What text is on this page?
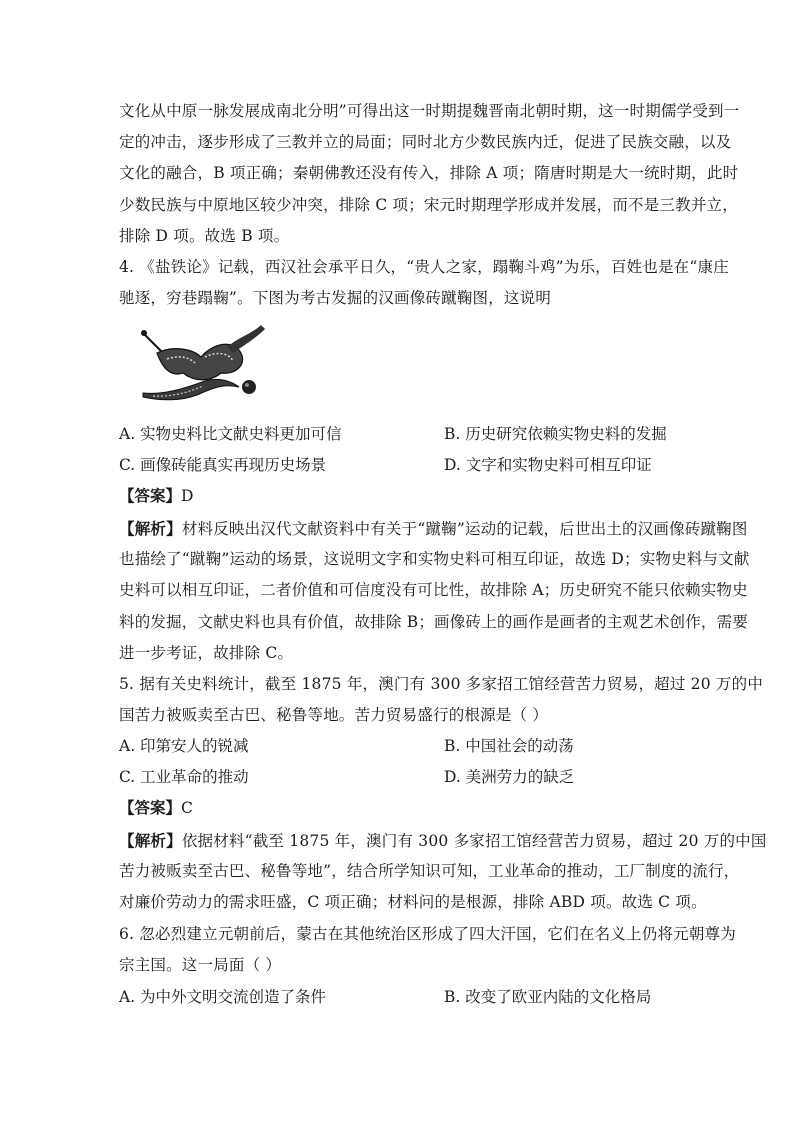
文化从中原一脉发展成南北分明”可得出这一时期提魏晋南北朝时期，这一时期儒学受到一
定的冲击，逐步形成了三教并立的局面；同时北方少数民族内迁，促进了民族交融，以及
文化的融合，B 项正确；秦朝佛教还没有传入，排除 A 项；隋唐时期是大一统时期，此时
少数民族与中原地区较少冲突，排除 C 项；宋元时期理学形成并发展，而不是三教并立，
排除 D 项。故选 B 项。
4. 《盐铁论》记载，西汉社会承平日久，“贵人之家，蹋鞠斗鸡”为乐，百姓也是在“康庄
驰逐，穷巷蹋鞠”。下图为考古发掘的汉画像砖蹴鞠图，这说明
A. 实物史料比文献史料更加可信	B. 历史研究依赖实物史料的发掘
C. 画像砖能真实再现历史场景	D. 文字和实物史料可相互印证
【答案】D
【解析】材料反映出汉代文献资料中有关于“蹴鞠”运动的记载，后世出土的汉画像砖蹴鞠图
也描绘了“蹴鞠”运动的场景，这说明文字和实物史料可相互印证，故选 D；实物史料与文献
史料可以相互印证，二者价值和可信度没有可比性，故排除 A；历史研究不能只依赖实物史
料的发掘，文献史料也具有价值，故排除 B；画像砖上的画作是画者的主观艺术创作，需要
进一步考证，故排除 C。
5. 据有关史料统计，截至 1875 年，澳门有 300 多家招工馆经营苦力贸易，超过 20 万的中
国苦力被贩卖至古巴、秘鲁等地。苦力贸易盛行的根源是（ ）
A. 印第安人的锐减	B. 中国社会的动荡
C. 工业革命的推动	D. 美洲劳力的缺乏
【答案】C
【解析】依据材料“截至 1875 年，澳门有 300 多家招工馆经营苦力贸易，超过 20 万的中国
苦力被贩卖至古巴、秘鲁等地”，结合所学知识可知，工业革命的推动，工厂制度的流行，
对廉价劳动力的需求旺盛，C 项正确；材料问的是根源，排除 ABD 项。故选 C 项。
6. 忽必烈建立元朝前后，蒙古在其他统治区形成了四大汗国，它们在名义上仍将元朝尊为
宗主国。这一局面（ ）
A. 为中外文明交流创造了条件	B. 改变了欧亚内陆的文化格局
